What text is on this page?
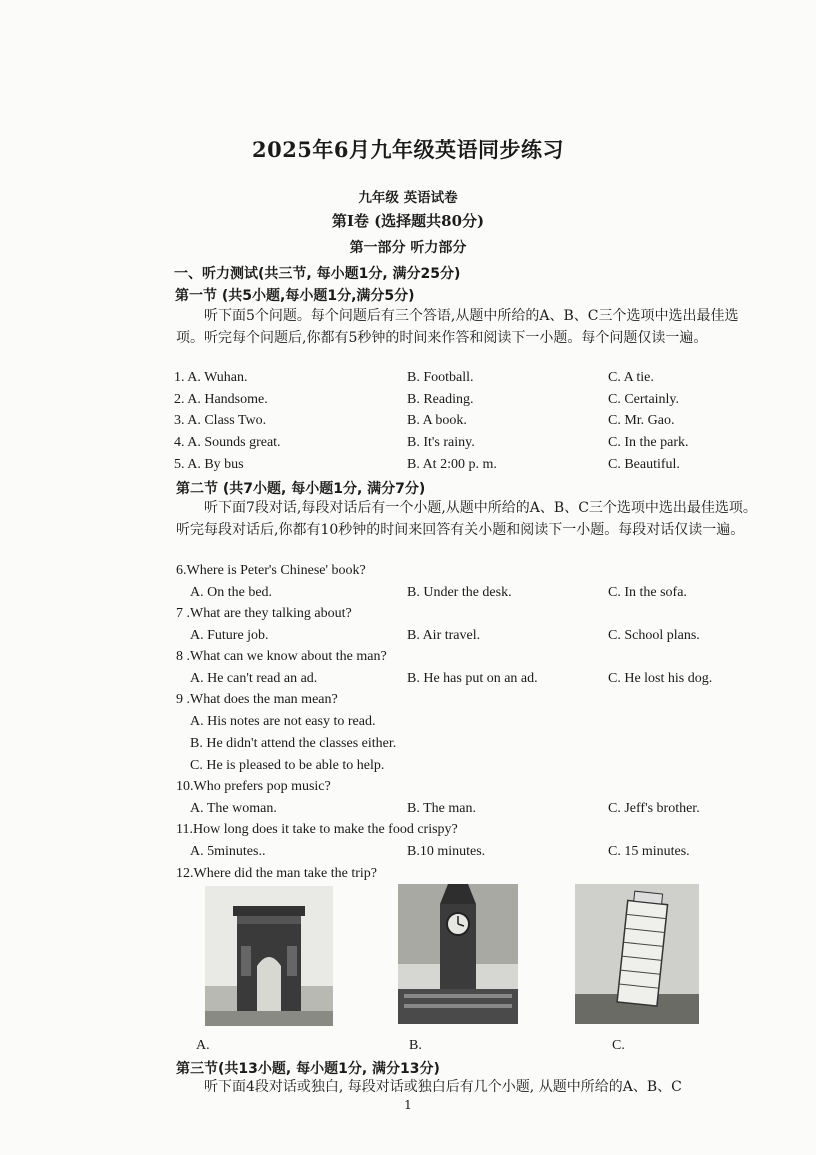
2025年6月九年级英语同步练习
九年级 英语试卷
第Ⅰ卷 (选择题共80分)
第一部分 听力部分
一、听力测试(共三节, 每小题1分, 满分25分)
第一节 (共5小题,每小题1分,满分5分)
听下面5个问题。每个问题后有三个答语,从题中所给的A、B、C三个选项中选出最佳选项。听完每个问题后,你都有5秒钟的时间来作答和阅读下一小题。每个问题仅读一遍。
1. A. Wuhan.	B. Football.	C. A tie.
2. A. Handsome.	B. Reading.	C. Certainly.
3. A. Class Two.	B. A book.	C. Mr. Gao.
4. A. Sounds great.	B. It's rainy.	C. In the park.
5. A. By bus	B. At 2:00 p. m.	C. Beautiful.
第二节 (共7小题, 每小题1分, 满分7分)
听下面7段对话,每段对话后有一个小题,从题中所给的A、B、C三个选项中选出最佳选项。听完每段对话后,你都有10秒钟的时间来回答有关小题和阅读下一小题。每段对话仅读一遍。
6.Where is Peter's Chinese' book?
A. On the bed.	B. Under the desk.	C. In the sofa.
7 .What are they talking about?
A. Future job.	B. Air travel.	C. School plans.
8 .What can we know about the man?
A. He can't read an ad.	B. He has put on an ad.	C. He lost his dog.
9 .What does the man mean?
A. His notes are not easy to read.
B. He didn't attend the classes either.
C. He is pleased to be able to help.
10.Who prefers pop music?
A. The woman.	B. The man.	C. Jeff's brother.
11.How long does it take to make the food crispy?
A. 5minutes..	B.10 minutes.	C. 15 minutes.
12.Where did the man take the trip?
A.	B.	C.
第三节(共13小题, 每小题1分, 满分13分)
听下面4段对话或独白, 每段对话或独白后有几个小题, 从题中所给的A、B、C
1
